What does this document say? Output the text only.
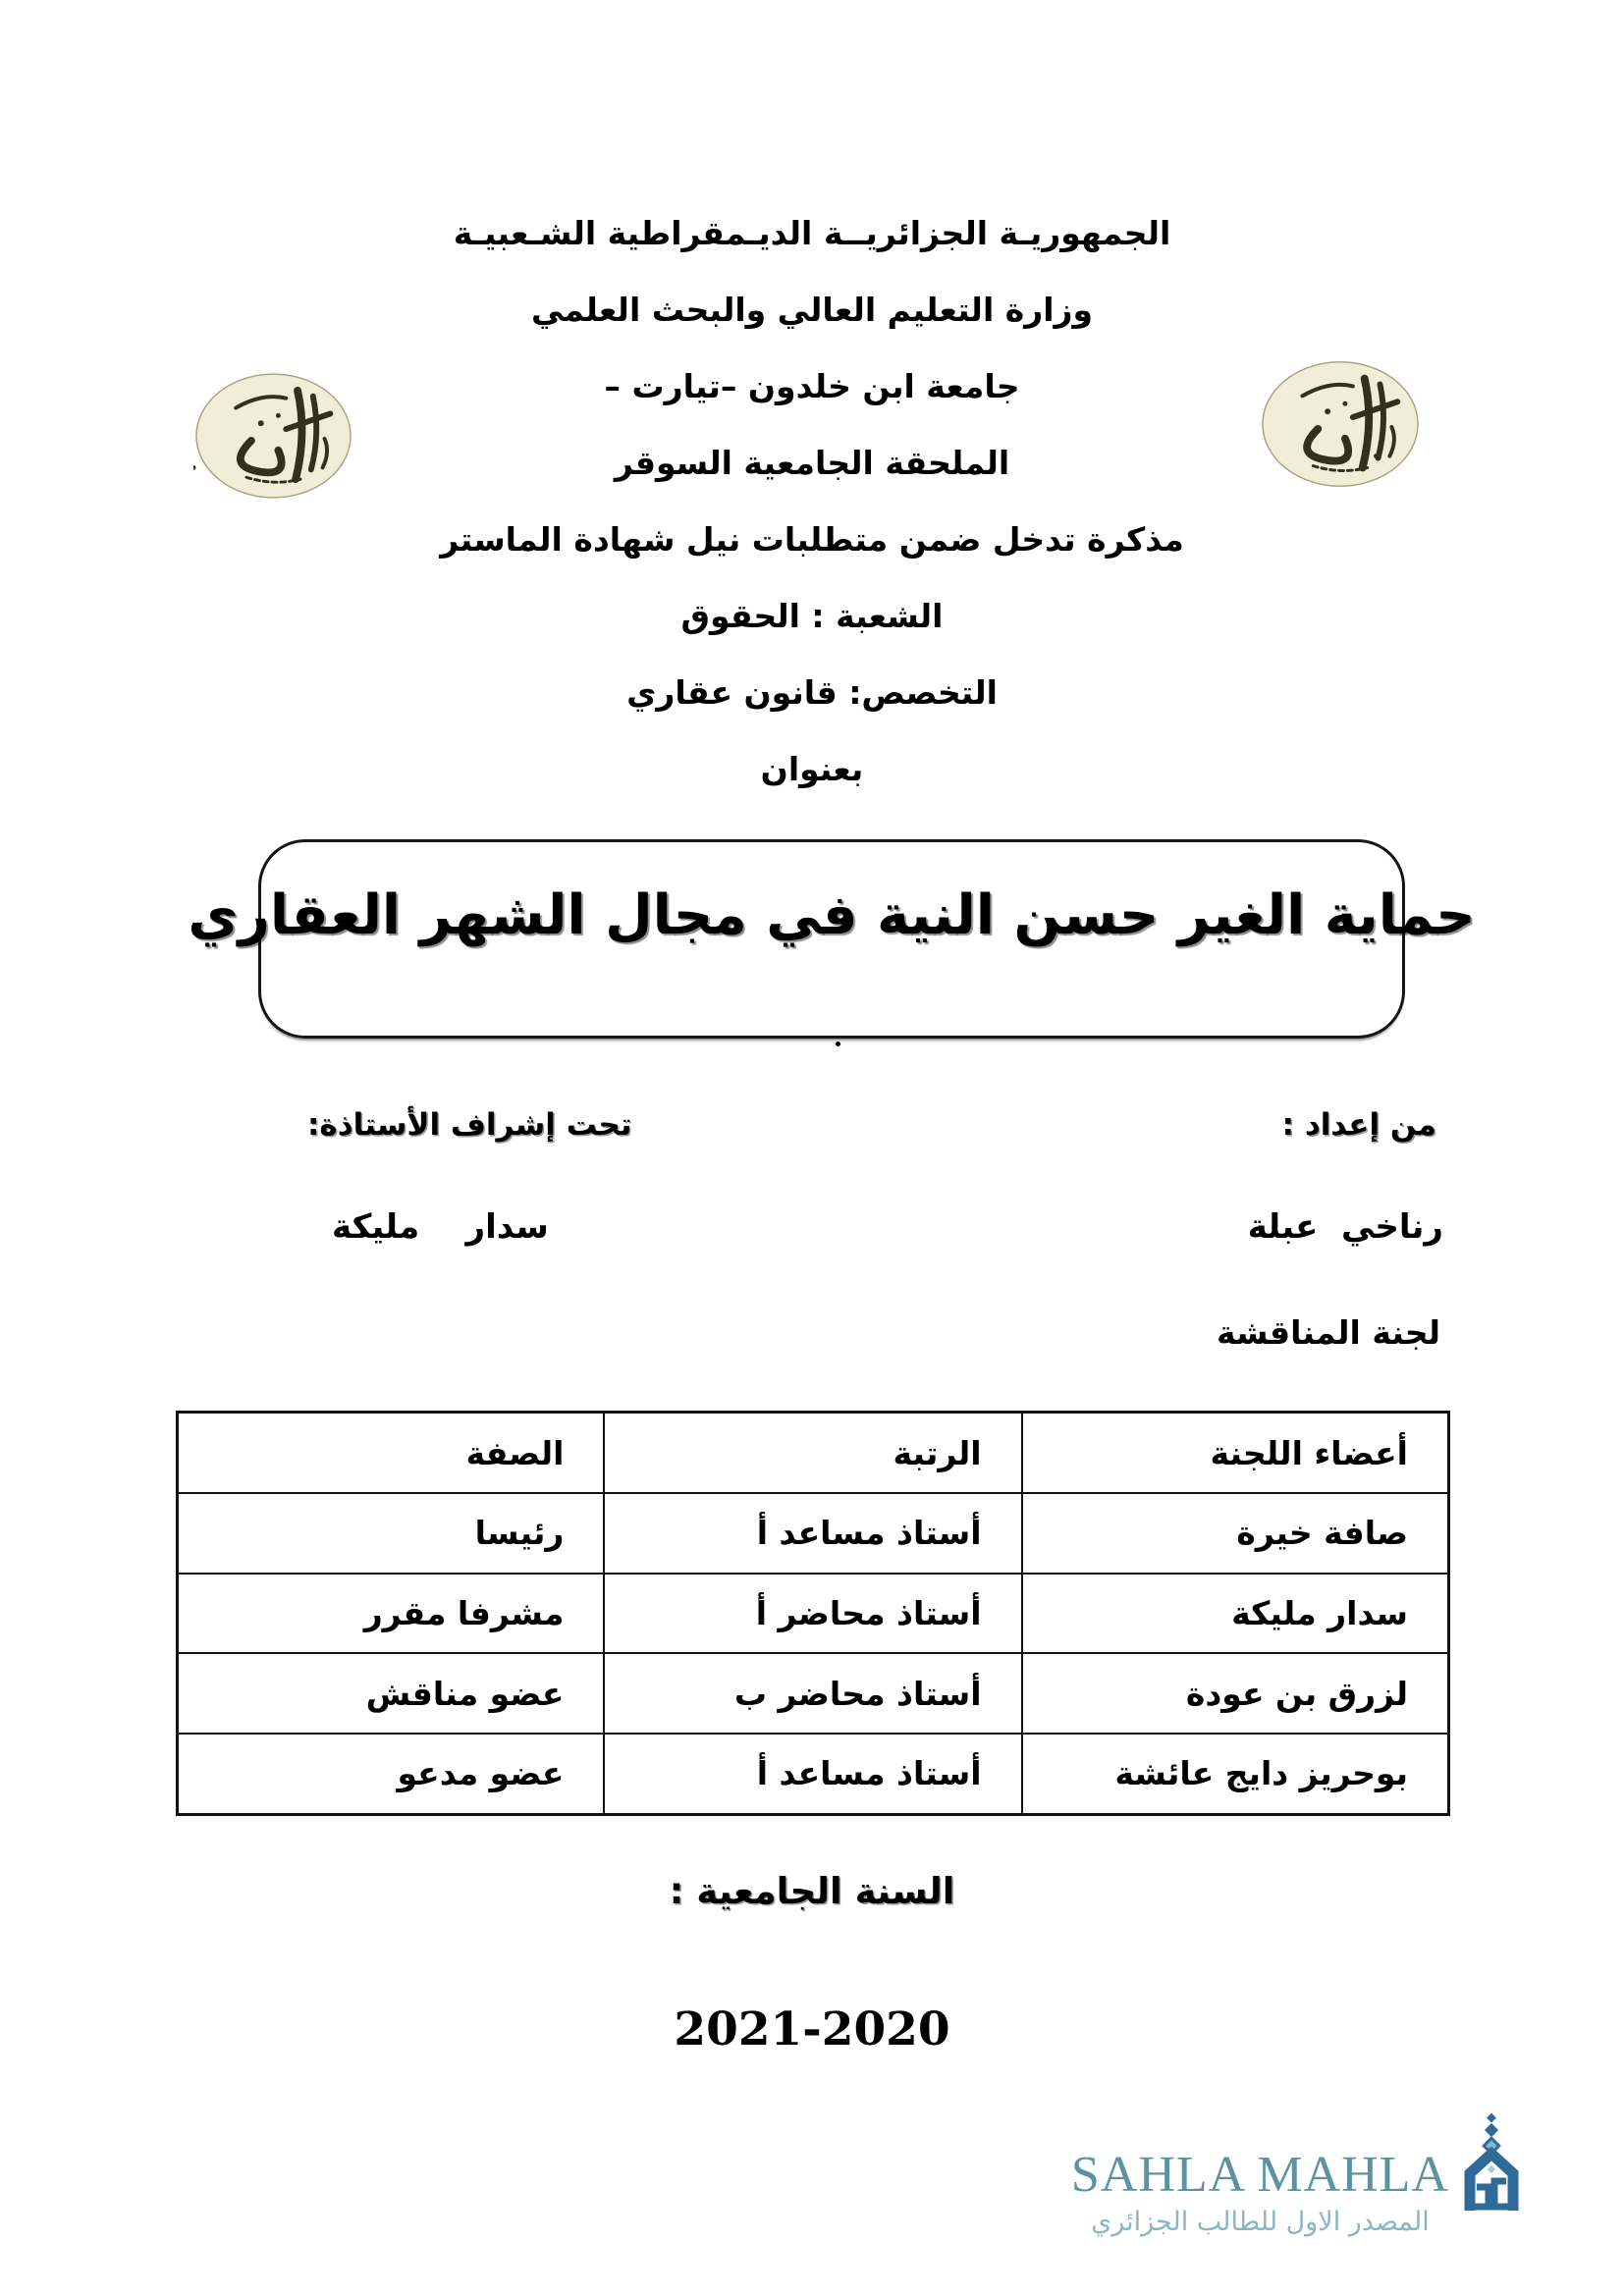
الجمهوريـة الجزائريــة الديـمقراطية الشـعبيـة
وزارة التعليم العالي والبحث العلمي
جامعة ابن خلدون –تيارت –
الملحقة الجامعية السوقر
مذكرة تدخل ضمن متطلبات نيل شهادة الماستر
الشعبة : الحقوق
التخصص: قانون عقاري
بعنوان
حماية الغير حسن النية في مجال الشهر العقاري
من إعداد :
تحت إشراف الأستاذة:
رناخي  عبلة
سدار    مليكة
لجنة المناقشة
أعضاء اللجنة	الرتبة	الصفة
صافة خيرة	أستاذ مساعد أ	رئيسا
سدار مليكة	أستاذ محاضر أ	مشرفا مقرر
لزرق بن عودة	أستاذ محاضر ب	عضو مناقش
بوحريز دايج عائشة	أستاذ مساعد أ	عضو مدعو
السنة الجامعية :
2021-2020
SAHLA MAHLA
المصدر الاول للطالب الجزائري
